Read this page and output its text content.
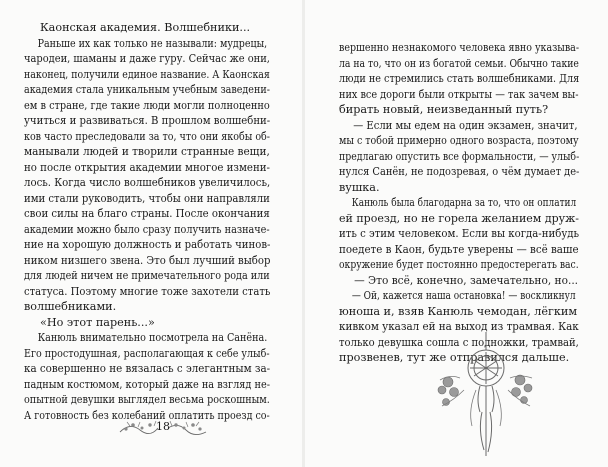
Каонская академия. Волшебники...
Раньше их как только не называли: мудрецы,
чародеи, шаманы и даже гуру. Сейчас же они,
наконец, получили единое название. А Каонская
академия стала уникальным учебным заведени-
ем в стране, где такие люди могли полноценно
учиться и развиваться. В прошлом волшебни-
ков часто преследовали за то, что они якобы об-
манывали людей и творили странные вещи,
но после открытия академии многое измени-
лось. Когда число волшебников увеличилось,
ими стали руководить, чтобы они направляли
свои силы на благо страны. После окончания
академии можно было сразу получить назначе-
ние на хорошую должность и работать чинов-
ником низшего звена. Это был лучший выбор
для людей ничем не примечательного рода или
статуса. Поэтому многие тоже захотели стать
волшебниками.
«Но этот парень...»
Канюль внимательно посмотрела на Санёна.
Его простодушная, располагающая к себе улыб-
ка совершенно не вязалась с элегантным за-
падным костюмом, который даже на взгляд не-
опытной девушки выглядел весьма роскошным.
А готовность без колебаний оплатить проезд со-
18
вершенно незнакомого человека явно указыва-
ла на то, что он из богатой семьи. Обычно такие
люди не стремились стать волшебниками. Для
них все дороги были открыты — так зачем вы-
бирать новый, неизведанный путь?
— Если мы едем на один экзамен, значит,
мы с тобой примерно одного возраста, поэтому
предлагаю опустить все формальности, — улыб-
нулся Санён, не подозревая, о чём думает де-
вушка.
Канюль была благодарна за то, что он оплатил
ей проезд, но не горела желанием друж-
ить с этим человеком. Если вы когда-нибудь
поедете в Каон, будьте уверены — всё ваше
окружение будет постоянно предостерегать вас.
— Это всё, конечно, замечательно, но...
— Ой, кажется наша остановка! — воскликнул
юноша и, взяв Канюль чемодан, лёгким
кивком указал ей на выход из трамвая. Как
только девушка сошла с подножки, трамвай,
прозвенев, тут же отправился дальше.
